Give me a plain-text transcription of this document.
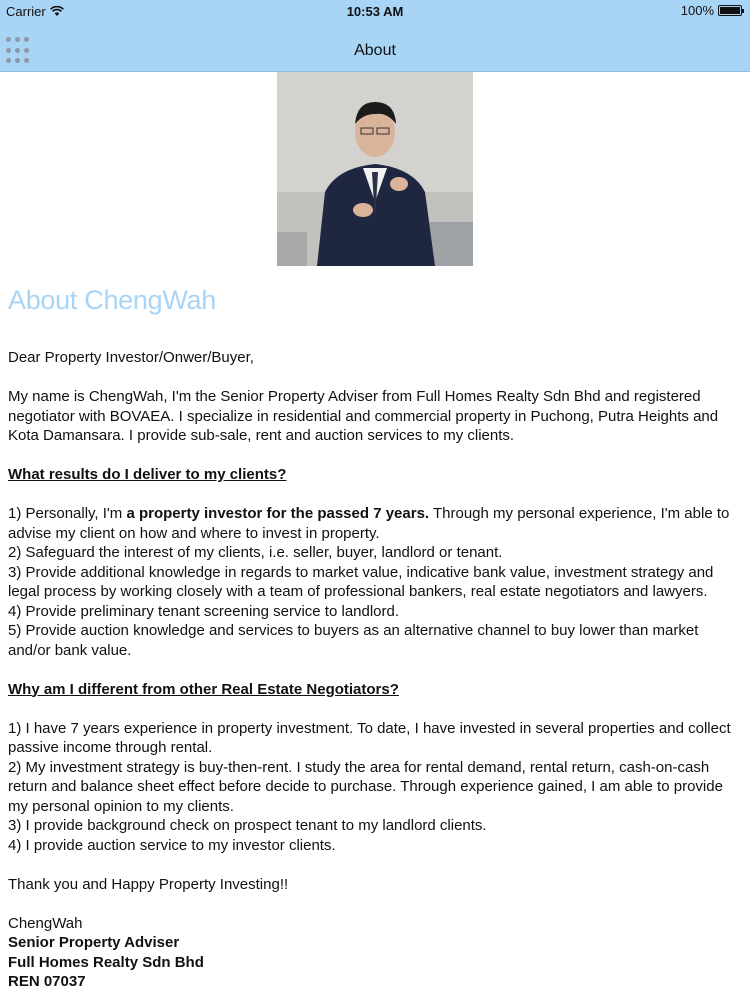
Carrier	10:53 AM	100%
About
About ChengWah

Dear Property Investor/Onwer/Buyer,

My name is ChengWah, I'm the Senior Property Adviser from Full Homes Realty Sdn Bhd and registered negotiator with BOVAEA. I specialize in residential and commercial property in Puchong, Putra Heights and Kota Damansara. I provide sub-sale, rent and auction services to my clients.

What results do I deliver to my clients?

1) Personally, I'm a property investor for the passed 7 years. Through my personal experience, I'm able to advise my client on how and where to invest in property.
2) Safeguard the interest of my clients, i.e. seller, buyer, landlord or tenant.
3) Provide additional knowledge in regards to market value, indicative bank value, investment strategy and legal process by working closely with a team of professional bankers, real estate negotiators and lawyers.
4) Provide preliminary tenant screening service to landlord.
5) Provide auction knowledge and services to buyers as an alternative channel to buy lower than market and/or bank value.

Why am I different from other Real Estate Negotiators?

1) I have 7 years experience in property investment. To date, I have invested in several properties and collect passive income through rental.
2) My investment strategy is buy-then-rent. I study the area for rental demand, rental return, cash-on-cash return and balance sheet effect before decide to purchase. Through experience gained, I am able to provide my personal opinion to my clients.
3) I provide background check on prospect tenant to my landlord clients.
4) I provide auction service to my investor clients.

Thank you and Happy Property Investing!!

ChengWah
Senior Property Adviser
Full Homes Realty Sdn Bhd
REN 07037
